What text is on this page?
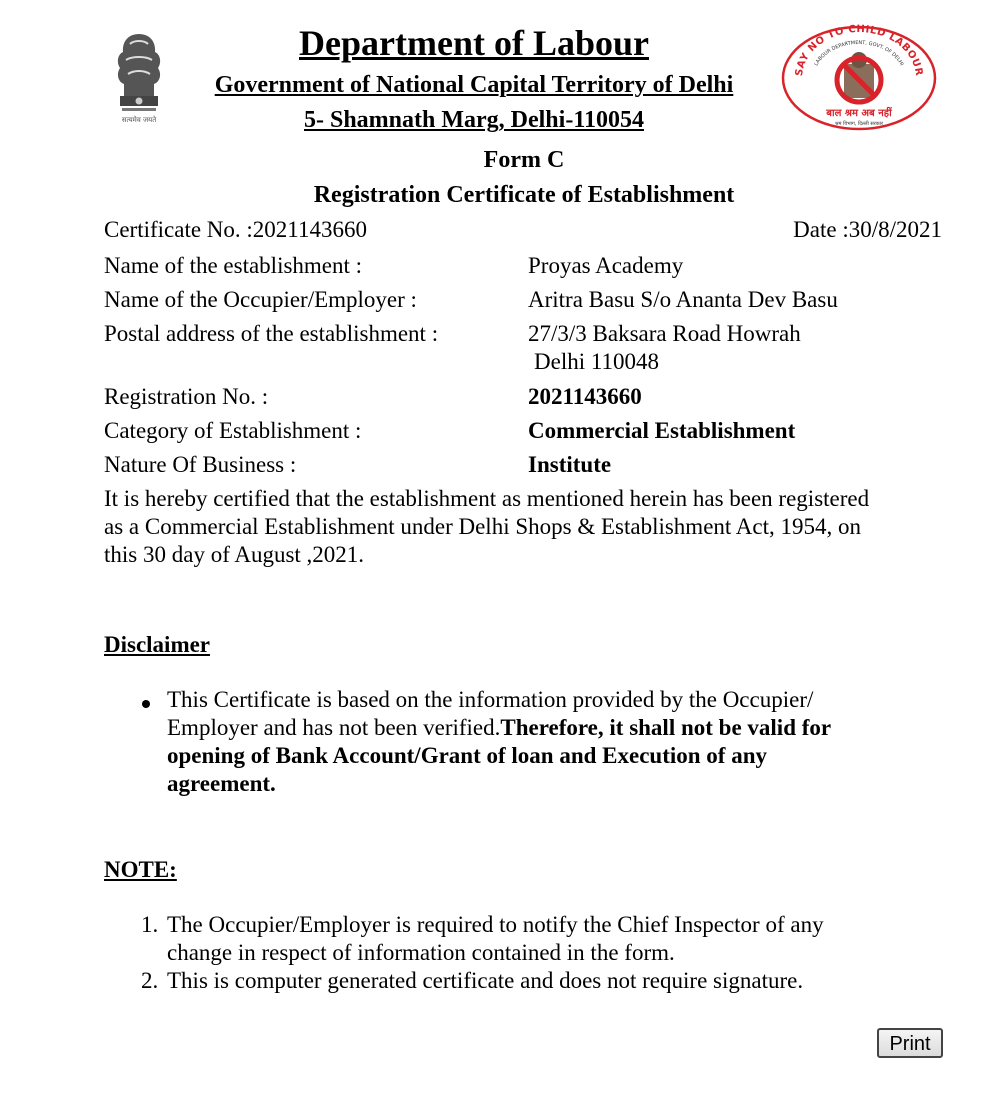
सत्यमेव जयते
Department of Labour
Government of National Capital Territory of Delhi
5- Shamnath Marg, Delhi-110054
SAY NO TO CHILD LABOUR
LABOUR DEPARTMENT, GOVT. OF DELHI
बाल श्रम अब नहीं
श्रम विभाग, दिल्ली सरकार
Form C
Registration Certificate of Establishment
Certificate No. :2021143660	Date :30/8/2021
Name of the establishment :	Proyas Academy
Name of the Occupier/Employer :	Aritra Basu S/o Ananta Dev Basu
Postal address of the establishment :	27/3/3 Baksara Road Howrah
Delhi 110048
Registration No. :	2021143660
Category of Establishment :	Commercial Establishment
Nature Of Business :	Institute
It is hereby certified that the establishment as mentioned herein has been registered
as a Commercial Establishment under Delhi Shops & Establishment Act, 1954, on
this 30 day of August ,2021.
Disclaimer
This Certificate is based on the information provided by the Occupier/
Employer and has not been verified.Therefore, it shall not be valid for
opening of Bank Account/Grant of loan and Execution of any
agreement.
NOTE:
1. The Occupier/Employer is required to notify the Chief Inspector of any
change in respect of information contained in the form.
2. This is computer generated certificate and does not require signature.
Print
